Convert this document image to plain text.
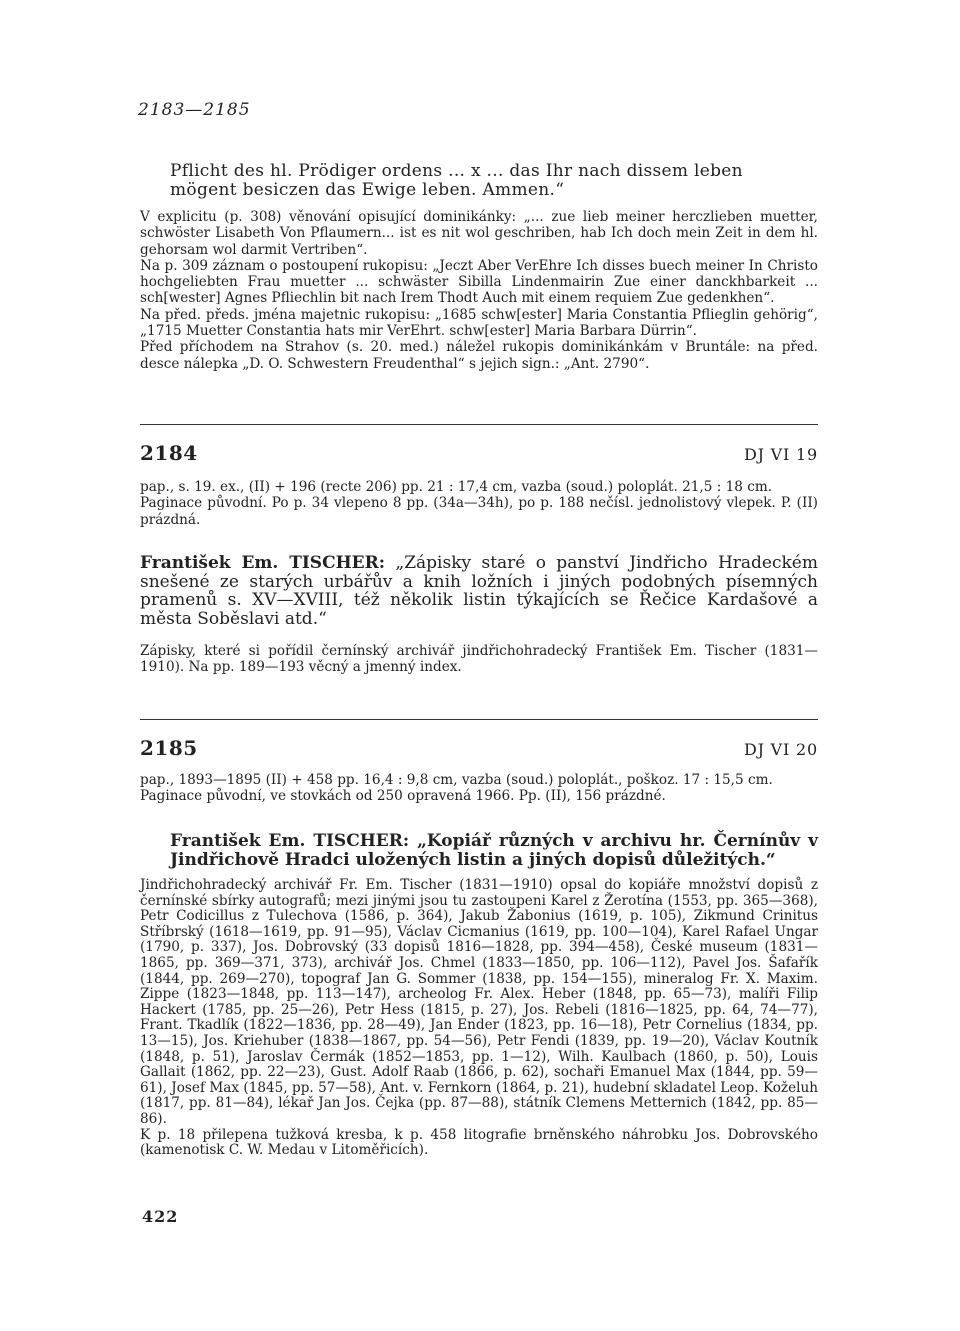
2183—2185

Pflicht des hl. Prödiger ordens ... x ... das Ihr nach dissem leben

mögent besiczen das Ewige leben. Ammen.“

V explicitu (p. 308) věnování opisující dominikánky: „... zue lieb meiner herczlieben muetter, schwöster Lisabeth Von Pflaumern... ist es nit wol geschriben, hab Ich doch mein Zeit in dem hl. gehorsam wol darmit Vertriben“.

Na p. 309 záznam o postoupení rukopisu: „Jeczt Aber VerEhre Ich disses buech meiner In Christo hochgeliebten Frau muetter ... schwäster Sibilla Lindenmairin Zue einer danckhbarkeit ... sch[wester] Agnes Pfliechlin bit nach Irem Thodt Auch mit einem requiem Zue gedenkhen“.

Na před. předs. jména majetnic rukopisu: „1685 schw[ester] Maria Constantia Pflieglin gehörig“, „1715 Muetter Constantia hats mir VerEhrt. schw[ester] Maria Barbara Dürrin“.

Před příchodem na Strahov (s. 20. med.) náležel rukopis dominikánkám v Bruntále: na před. desce nálepka „D. O. Schwestern Freudenthal“ s jejich sign.: „Ant. 2790“.

2184	DJ VI 19

pap., s. 19. ex., (II) + 196 (recte 206) pp. 21 : 17,4 cm, vazba (soud.) poloplát. 21,5 : 18 cm.

Paginace původní. Po p. 34 vlepeno 8 pp. (34a—34h), po p. 188 nečísl. jednolistový vlepek. P. (II) prázdná.

František Em. TISCHER: „Zápisky staré o panství Jindřicho Hradeckém snešené ze starých urbářův a knih ložních i jiných podobných písemných pramenů s. XV—XVIII, též několik listin týkajících se Řečice Kardašové a města Soběslavi atd.“

Zápisky, které si pořídil černínský archivář jindřichohradecký František Em. Tischer (1831—1910). Na pp. 189—193 věcný a jmenný index.

2185	DJ VI 20

pap., 1893—1895 (II) + 458 pp. 16,4 : 9,8 cm, vazba (soud.) poloplát., poškoz. 17 : 15,5 cm.

Paginace původní, ve stovkách od 250 opravená 1966. Pp. (II), 156 prázdné.

František Em. TISCHER: „Kopiář různých v archivu hr. Černínův v Jindřichově Hradci uložených listin a jiných dopisů důležitých.“

Jindřichohradecký archivář Fr. Em. Tischer (1831—1910) opsal do kopiáře množství dopisů z černínské sbírky autografů; mezi jinými jsou tu zastoupeni Karel z Žerotína (1553, pp. 365—368), Petr Codicillus z Tulechova (1586, p. 364), Jakub Žabonius (1619, p. 105), Zikmund Crinitus Stříbrský (1618—1619, pp. 91—95), Václav Cicmanius (1619, pp. 100—104), Karel Rafael Ungar (1790, p. 337), Jos. Dobrovský (33 dopisů 1816—1828, pp. 394—458), České museum (1831—1865, pp. 369—371, 373), archivář Jos. Chmel (1833—1850, pp. 106—112), Pavel Jos. Šafařík (1844, pp. 269—270), topograf Jan G. Sommer (1838, pp. 154—155), mineralog Fr. X. Maxim. Zippe (1823—1848, pp. 113—147), archeolog Fr. Alex. Heber (1848, pp. 65—73), malíři Filip Hackert (1785, pp. 25—26), Petr Hess (1815, p. 27), Jos. Rebeli (1816—1825, pp. 64, 74—77), Frant. Tkadlík (1822—1836, pp. 28—49), Jan Ender (1823, pp. 16—18), Petr Cornelius (1834, pp. 13—15), Jos. Kriehuber (1838—1867, pp. 54—56), Petr Fendi (1839, pp. 19—20), Václav Koutník (1848, p. 51), Jaroslav Čermák (1852—1853, pp. 1—12), Wilh. Kaulbach (1860, p. 50), Louis Gallait (1862, pp. 22—23), Gust. Adolf Raab (1866, p. 62), sochaři Emanuel Max (1844, pp. 59—61), Josef Max (1845, pp. 57—58), Ant. v. Fernkorn (1864, p. 21), hudební skladatel Leop. Koželuh (1817, pp. 81—84), lékař Jan Jos. Čejka (pp. 87—88), státník Clemens Metternich (1842, pp. 85—86).

K p. 18 přilepena tužková kresba, k p. 458 litografie brněnského náhrobku Jos. Dobrovského (kamenotisk C. W. Medau v Litoměřicích).

422
